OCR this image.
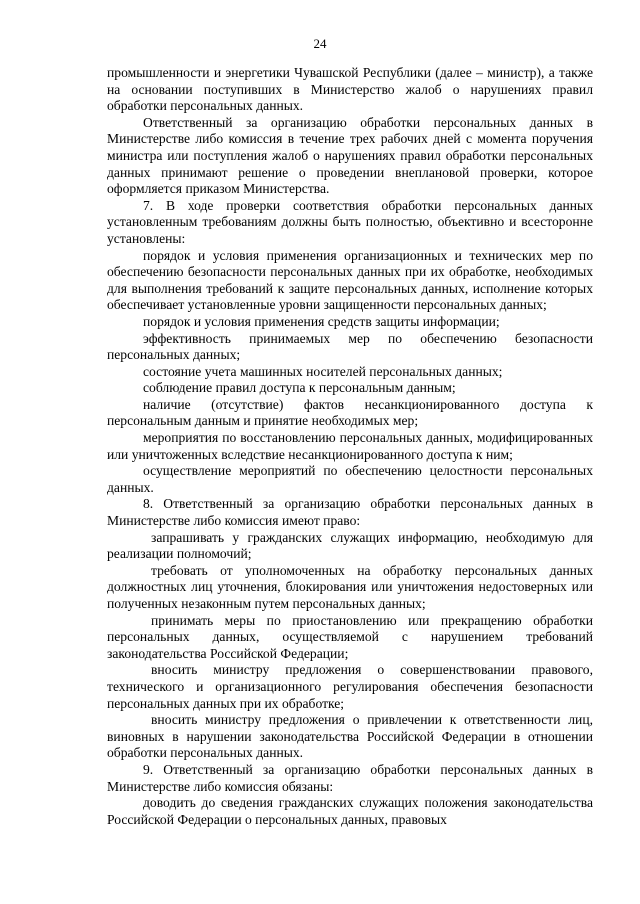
24

промышленности и энергетики Чувашской Республики (далее – министр), а также на основании поступивших в Министерство жалоб о нарушениях правил обработки персональных данных.

Ответственный за организацию обработки персональных данных в Министерстве либо комиссия в течение трех рабочих дней с момента поручения министра или поступления жалоб о нарушениях правил обработки персональных данных принимают решение о проведении внеплановой проверки, которое оформляется приказом Министерства.

7. В ходе проверки соответствия обработки персональных данных установленным требованиям должны быть полностью, объективно и всесторонне установлены:

порядок и условия применения организационных и технических мер по обеспечению безопасности персональных данных при их обработке, необходимых для выполнения требований к защите персональных данных, исполнение которых обеспечивает установленные уровни защищенности персональных данных;

порядок и условия применения средств защиты информации;

эффективность принимаемых мер по обеспечению безопасности персональных данных;

состояние учета машинных носителей персональных данных;

соблюдение правил доступа к персональным данным;

наличие (отсутствие) фактов несанкционированного доступа к персональным данным и принятие необходимых мер;

мероприятия по восстановлению персональных данных, модифицированных или уничтоженных вследствие несанкционированного доступа к ним;

осуществление мероприятий по обеспечению целостности персональных данных.

8. Ответственный за организацию обработки персональных данных в Министерстве либо комиссия имеют право:

запрашивать у гражданских служащих информацию, необходимую для реализации полномочий;

требовать от уполномоченных на обработку персональных данных должностных лиц уточнения, блокирования или уничтожения недостоверных или полученных незаконным путем персональных данных;

принимать меры по приостановлению или прекращению обработки персональных данных, осуществляемой с нарушением требований законодательства Российской Федерации;

вносить министру предложения о совершенствовании правового, технического и организационного регулирования обеспечения безопасности персональных данных при их обработке;

вносить министру предложения о привлечении к ответственности лиц, виновных в нарушении законодательства Российской Федерации в отношении обработки персональных данных.

9. Ответственный за организацию обработки персональных данных в Министерстве либо комиссия обязаны:

доводить до сведения гражданских служащих положения законодательства Российской Федерации о персональных данных, правовых
